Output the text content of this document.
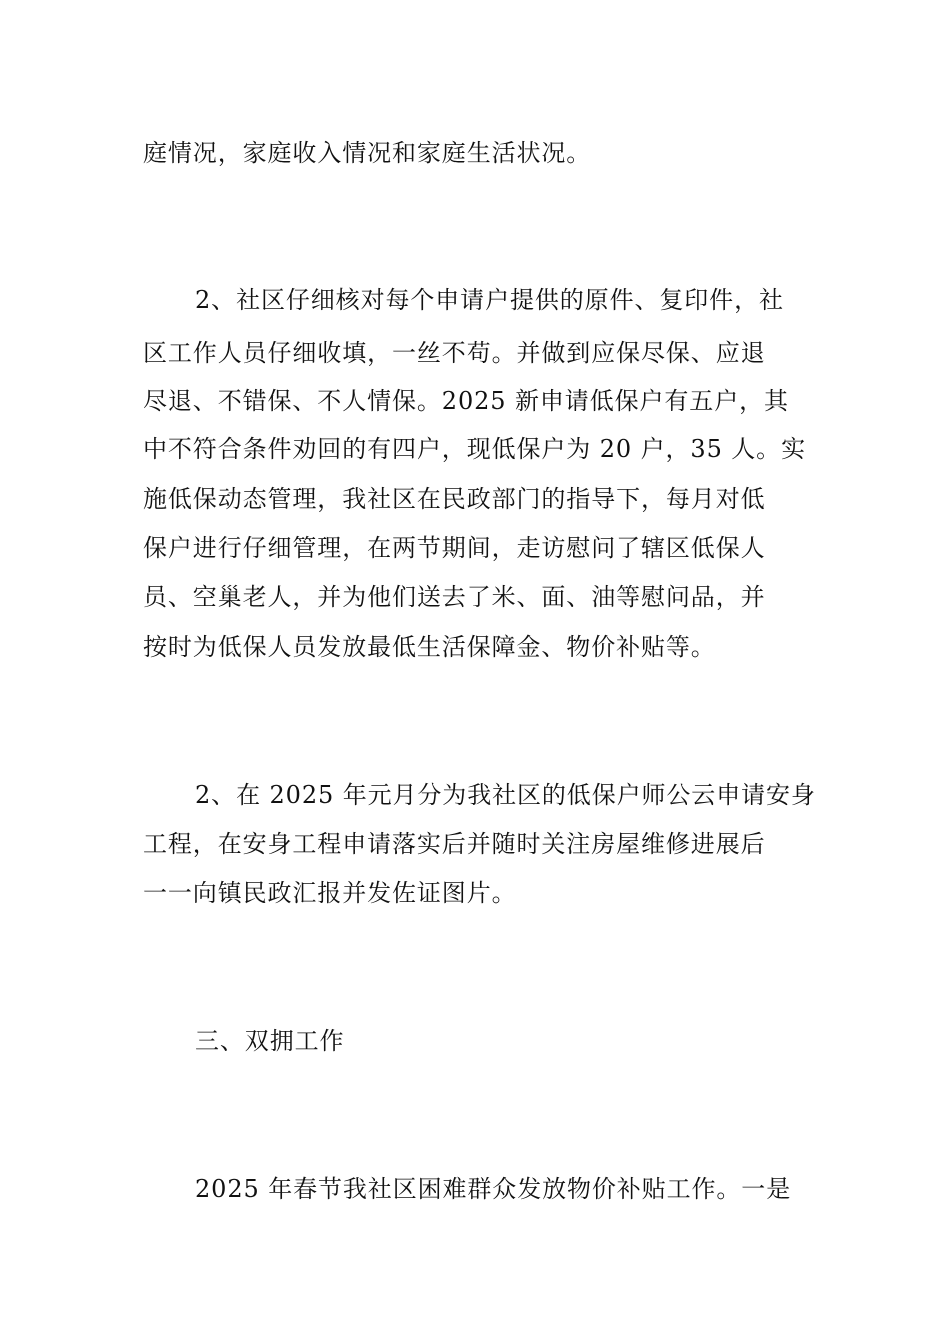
庭情况，家庭收入情况和家庭生活状况。
2、社区仔细核对每个申请户提供的原件、复印件，社
区工作人员仔细收填，一丝不苟。并做到应保尽保、应退
尽退、不错保、不人情保。2025 新申请低保户有五户，其
中不符合条件劝回的有四户，现低保户为 20 户，35 人。实
施低保动态管理，我社区在民政部门的指导下，每月对低
保户进行仔细管理，在两节期间，走访慰问了辖区低保人
员、空巢老人，并为他们送去了米、面、油等慰问品，并
按时为低保人员发放最低生活保障金、物价补贴等。
2、在 2025 年元月分为我社区的低保户师公云申请安身
工程，在安身工程申请落实后并随时关注房屋维修进展后
一一向镇民政汇报并发佐证图片。
三、双拥工作
2025 年春节我社区困难群众发放物价补贴工作。一是
